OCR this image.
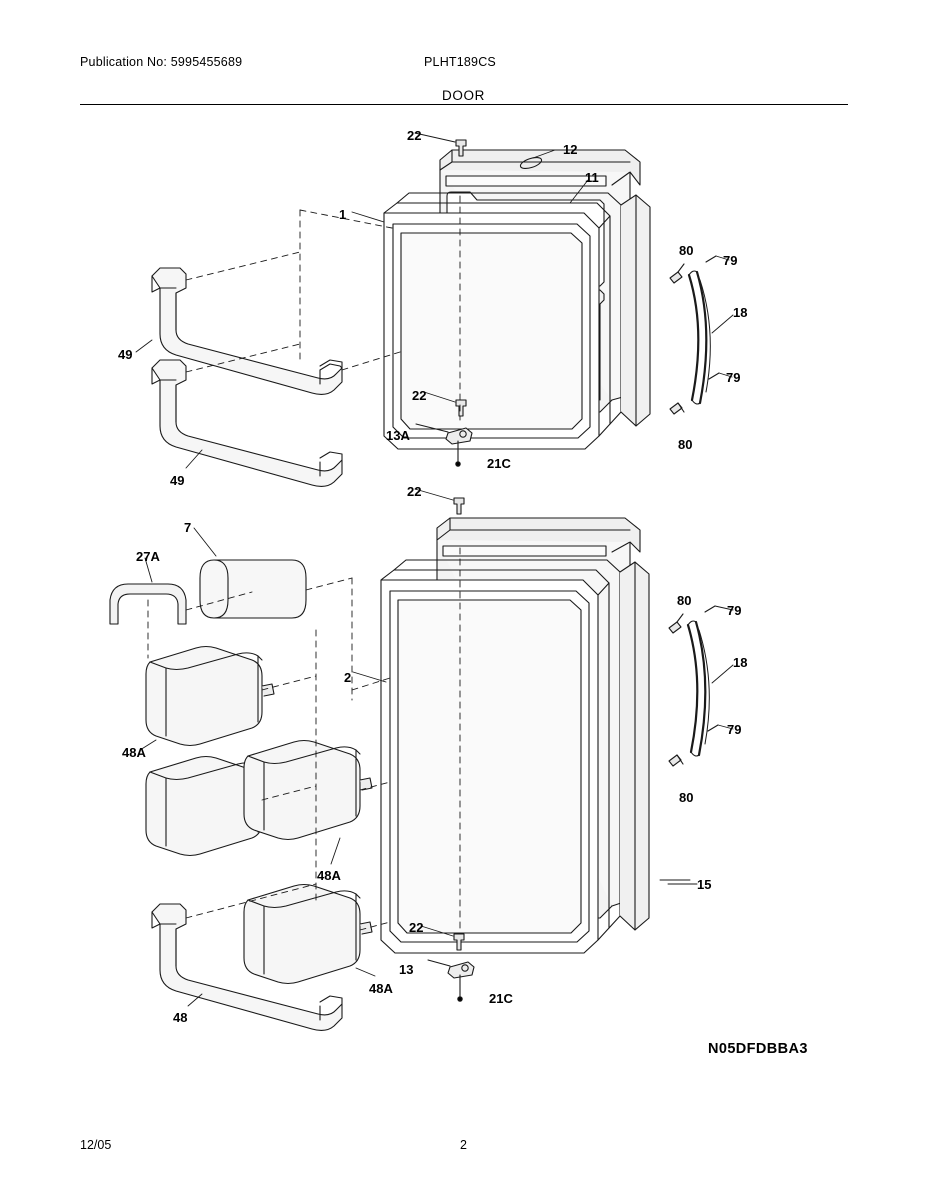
Publication No: 5995455689	PLHT189CS
DOOR
22
12
11
1
80
79
18
49
79
22
80
13A
21C
49
22
7
27A
80
79
18
2
79
48A
80
15
48A
22
13
48A
21C
48
N05DFDBBA3
12/05	2
